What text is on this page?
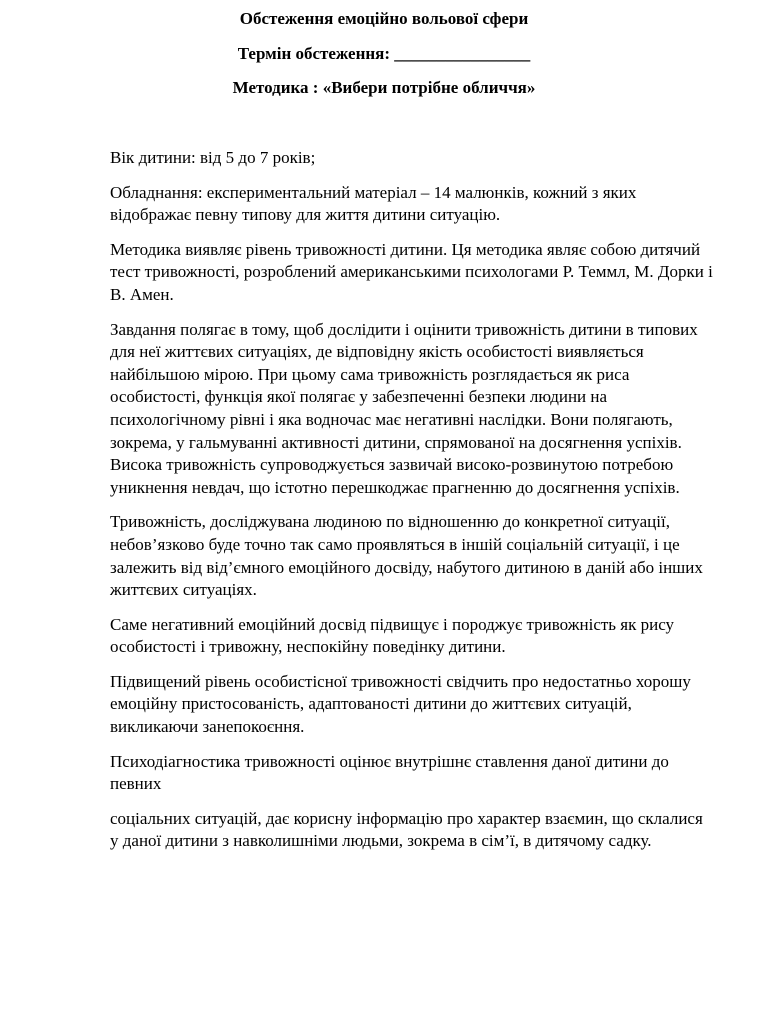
Обстеження емоційно вольової сфери
Термін обстеження: ________________
Методика : «Вибери потрібне обличчя»

Вік дитини: від 5 до 7 років;

Обладнання: експериментальний матеріал – 14 малюнків, кожний з яких відображає певну типову для життя дитини ситуацію.

Методика виявляє рівень тривожності дитини. Ця методика являє собою дитячий тест тривожності, розроблений американськими психологами Р. Теммл, М. Дорки і В. Амен.

Завдання полягає в тому, щоб дослідити і оцінити тривожність дитини в типових для неї життєвих ситуаціях, де відповідну якість особистості виявляється найбільшою мірою. При цьому сама тривожність розглядається як риса особистості, функція якої полягає у забезпеченні безпеки людини на психологічному рівні і яка водночас має негативні наслідки. Вони полягають, зокрема, у гальмуванні активності дитини, спрямованої на досягнення успіхів. Висока тривожність супроводжується зазвичай високо-розвинутою потребою уникнення невдач, що істотно перешкоджає прагненню до досягнення успіхів.

Тривожність, досліджувана людиною по відношенню до конкретної ситуації, небов’язково буде точно так само проявляться в іншій соціальній ситуації, і це залежить від від’ємного емоційного досвіду, набутого дитиною в даній або інших життєвих ситуаціях.

Саме негативний емоційний досвід підвищує і породжує тривожність як рису особистості і тривожну, неспокійну поведінку дитини.

Підвищений рівень особистісної тривожності свідчить про недостатньо хорошу емоційну пристосованість, адаптованості дитини до життєвих ситуацій, викликаючи занепокоєння.

Психодіагностика тривожності оцінює внутрішнє ставлення даної дитини до певних

соціальних ситуацій, дає корисну інформацію про характер взаємин, що склалися у даної дитини з навколишніми людьми, зокрема в сім’ї, в дитячому садку.
